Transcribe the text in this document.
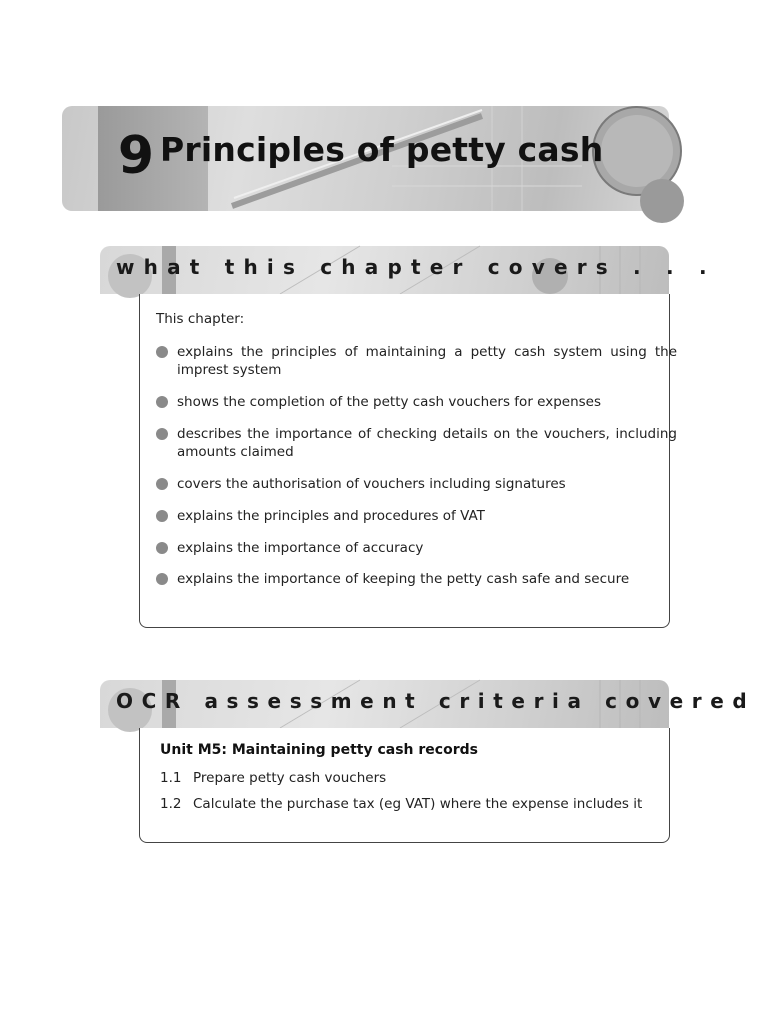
9 Principles of petty cash
what this chapter covers . . .
This chapter:
explains the principles of maintaining a petty cash system using the imprest system
shows the completion of the petty cash vouchers for expenses
describes the importance of checking details on the vouchers, including amounts claimed
covers the authorisation of vouchers including signatures
explains the principles and procedures of VAT
explains the importance of accuracy
explains the importance of keeping the petty cash safe and secure
OCR assessment criteria covered
Unit M5: Maintaining petty cash records
1.1 Prepare petty cash vouchers
1.2 Calculate the purchase tax (eg VAT) where the expense includes it
